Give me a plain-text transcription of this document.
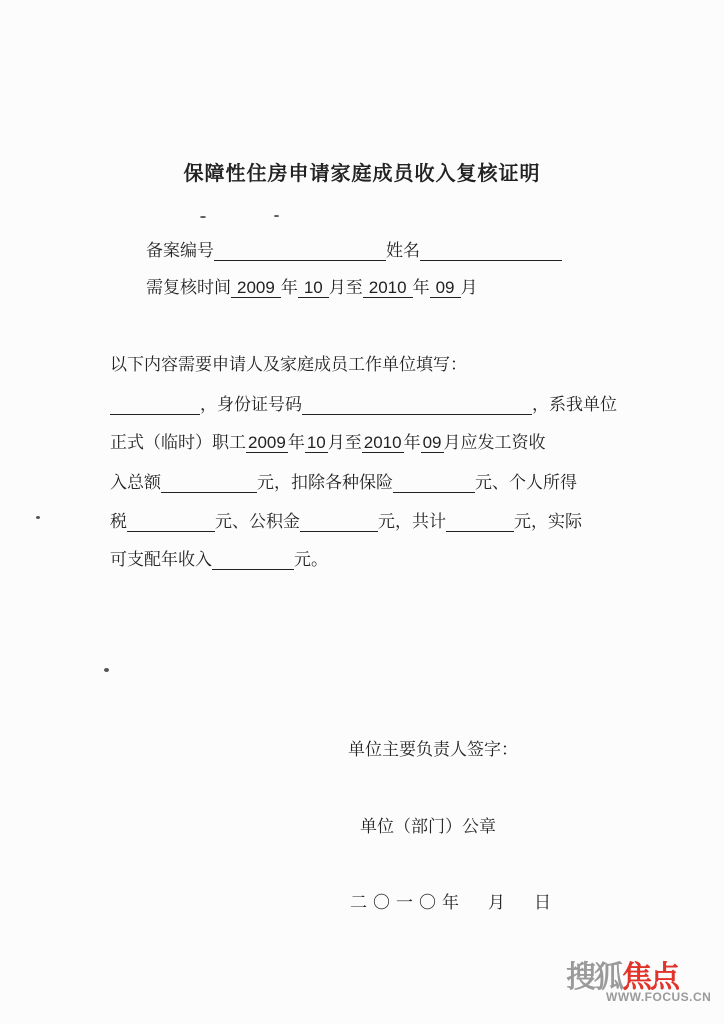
保障性住房申请家庭成员收入复核证明
备案编号	姓名
需复核时间 2009 年 10 月至 2010 年 09 月
以下内容需要申请人及家庭成员工作单位填写：
，身份证号码	，系我单位
正式（临时）职工 2009 年 10 月至 2010 年 09 月应发工资收
入总额	元，扣除各种保险	元、个人所得
税	元、公积金	元，共计	元，实际
可支配年收入	元。
单位主要负责人签字：
单位（部门）公章
二〇一〇年　月　日
搜狐焦点
WWW.FOCUS.CN
